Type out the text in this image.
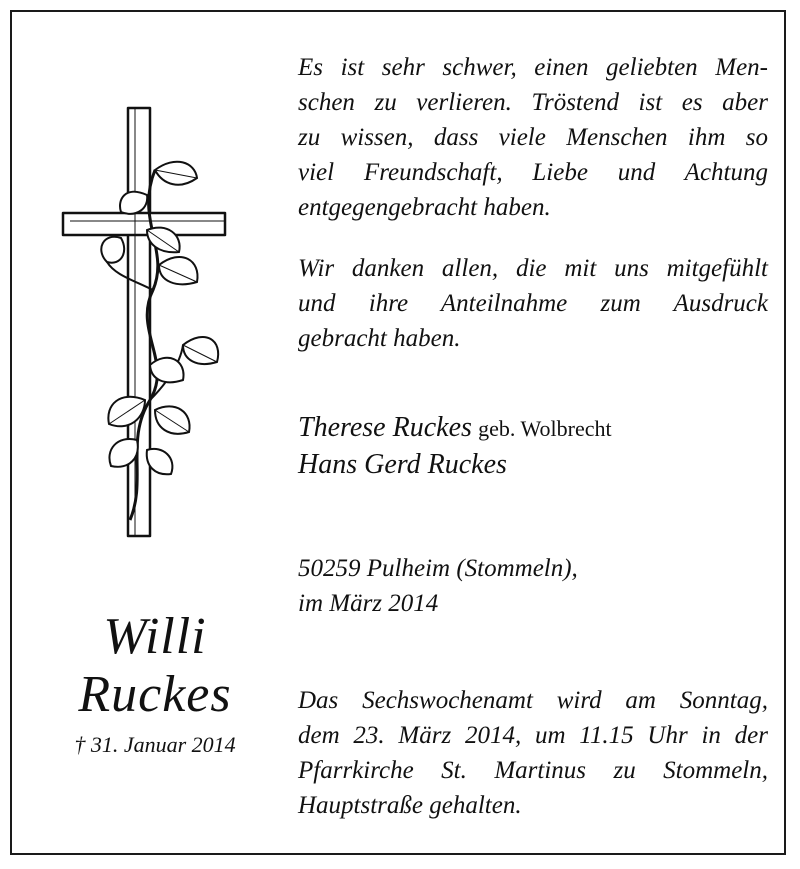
Es ist sehr schwer, einen geliebten Men-
schen zu verlieren. Tröstend ist es aber
zu wissen, dass viele Menschen ihm so
viel Freundschaft, Liebe und Achtung
entgegengebracht haben.
Wir danken allen, die mit uns mitgefühlt
und ihre Anteilnahme zum Ausdruck
gebracht haben.
Therese Ruckes geb. Wolbrecht
Hans Gerd Ruckes
50259 Pulheim (Stommeln),
im März 2014
Willi
Ruckes
† 31. Januar 2014
Das Sechswochenamt wird am Sonntag,
dem 23. März 2014, um 11.15 Uhr in der
Pfarrkirche St. Martinus zu Stommeln,
Hauptstraße gehalten.
